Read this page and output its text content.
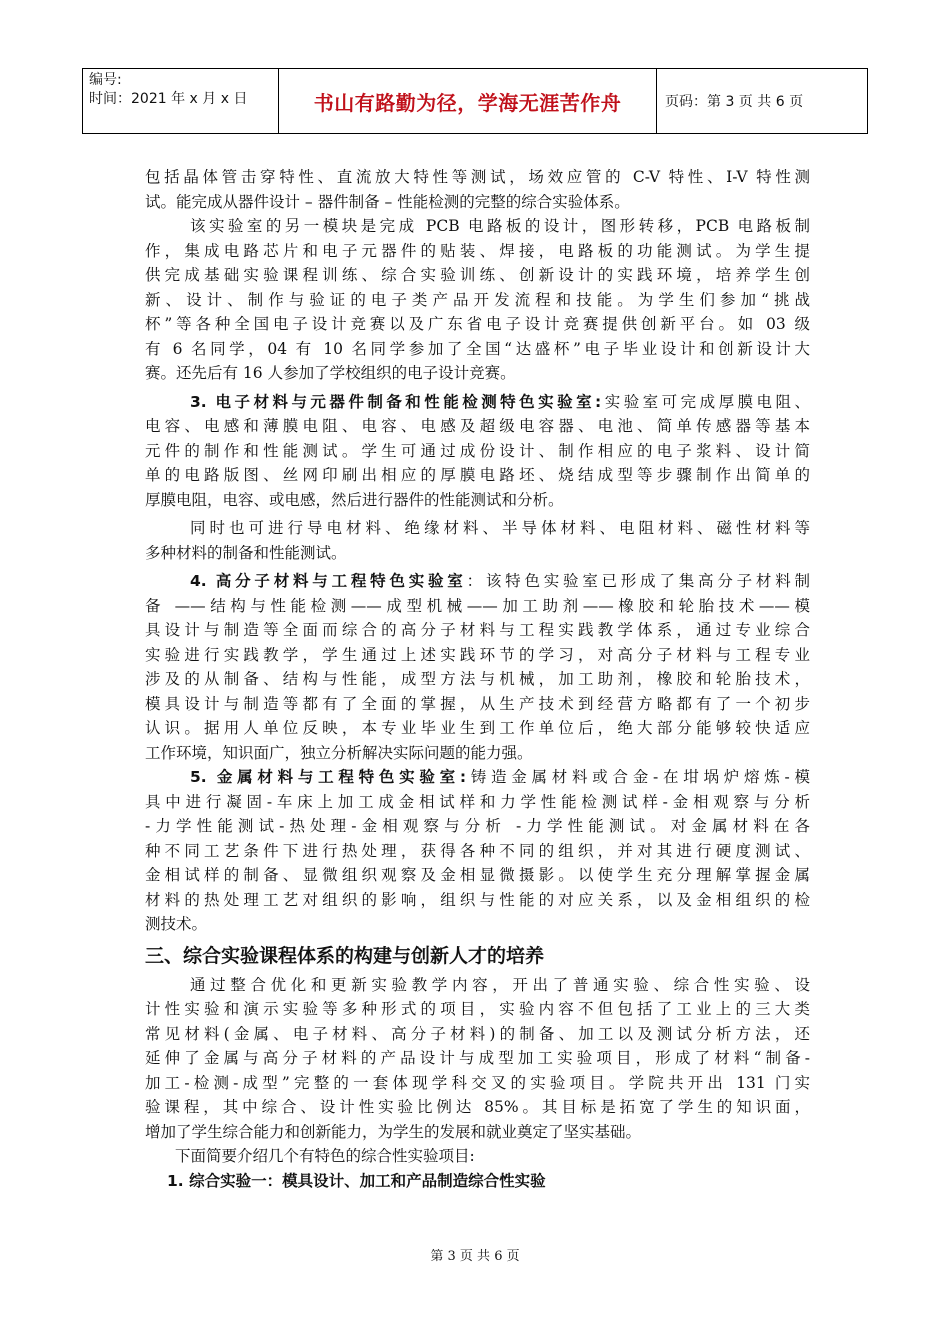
编号:
时间：2021 年 x 月 x 日	书山有路勤为径，学海无涯苦作舟	页码：第 3 页 共 6 页
包括晶体管击穿特性、直流放大特性等测试，场效应管的 C-V 特性、I-V 特性测
试。能完成从器件设计 – 器件制备 – 性能检测的完整的综合实验体系。
该实验室的另一模块是完成 PCB 电路板的设计，图形转移，PCB 电路板制
作，集成电路芯片和电子元器件的贴装、焊接，电路板的功能测试。为学生提
供完成基础实验课程训练、综合实验训练、创新设计的实践环境，培养学生创
新、设计、制作与验证的电子类产品开发流程和技能。为学生们参加“挑战
杯”等各种全国电子设计竞赛以及广东省电子设计竞赛提供创新平台。如 03 级
有 6 名同学，04 有 10 名同学参加了全国“达盛杯”电子毕业设计和创新设计大
赛。还先后有 16 人参加了学校组织的电子设计竞赛。
3. 电子材料与元器件制备和性能检测特色实验室:实验室可完成厚膜电阻、
电容、电感和薄膜电阻、电容、电感及超级电容器、电池、简单传感器等基本
元件的制作和性能测试。学生可通过成份设计、制作相应的电子浆料、设计简
单的电路版图、丝网印刷出相应的厚膜电路坯、烧结成型等步骤制作出简单的
厚膜电阻，电容、或电感，然后进行器件的性能测试和分析。
同时也可进行导电材料、绝缘材料、半导体材料、电阻材料、磁性材料等
多种材料的制备和性能测试。
4. 高分子材料与工程特色实验室：该特色实验室已形成了集高分子材料制
备 ——结构与性能检测——成型机械——加工助剂——橡胶和轮胎技术——模
具设计与制造等全面而综合的高分子材料与工程实践教学体系，通过专业综合
实验进行实践教学，学生通过上述实践环节的学习，对高分子材料与工程专业
涉及的从制备、结构与性能，成型方法与机械，加工助剂，橡胶和轮胎技术，
模具设计与制造等都有了全面的掌握，从生产技术到经营方略都有了一个初步
认识。据用人单位反映，本专业毕业生到工作单位后，绝大部分能够较快适应
工作环境，知识面广，独立分析解决实际问题的能力强。
5. 金属材料与工程特色实验室:铸造金属材料或合金-在坩埚炉熔炼-模
具中进行凝固-车床上加工成金相试样和力学性能检测试样-金相观察与分析
-力学性能测试-热处理-金相观察与分析 -力学性能测试。对金属材料在各
种不同工艺条件下进行热处理，获得各种不同的组织，并对其进行硬度测试、
金相试样的制备、显微组织观察及金相显微摄影。以使学生充分理解掌握金属
材料的热处理工艺对组织的影响，组织与性能的对应关系，以及金相组织的检
测技术。
三、综合实验课程体系的构建与创新人才的培养
通过整合优化和更新实验教学内容，开出了普通实验、综合性实验、设
计性实验和演示实验等多种形式的项目，实验内容不但包括了工业上的三大类
常见材料(金属、电子材料、高分子材料)的制备、加工以及测试分析方法，还
延伸了金属与高分子材料的产品设计与成型加工实验项目，形成了材料“制备-
加工-检测-成型”完整的一套体现学科交叉的实验项目。学院共开出 131 门实
验课程，其中综合、设计性实验比例达 85%。其目标是拓宽了学生的知识面，
增加了学生综合能力和创新能力，为学生的发展和就业奠定了坚实基础。
下面简要介绍几个有特色的综合性实验项目:
1. 综合实验一：模具设计、加工和产品制造综合性实验
第 3 页 共 6 页
